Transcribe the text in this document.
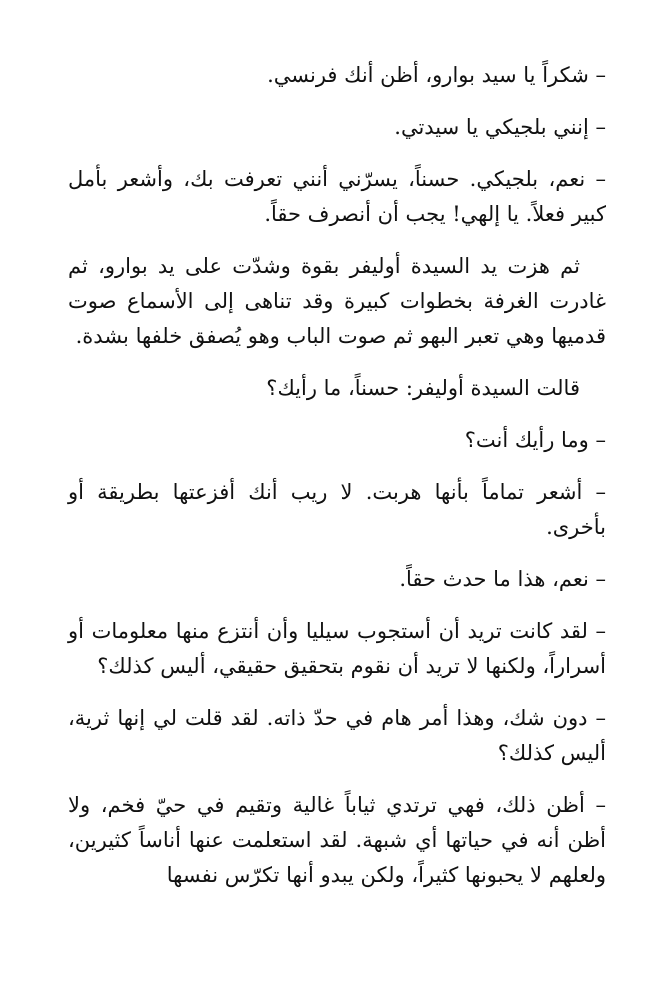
– شكراً يا سيد بوارو، أظن أنك فرنسي.

– إنني بلجيكي يا سيدتي.

– نعم، بلجيكي. حسناً، يسرّني أنني تعرفت بك، وأشعر بأمل كبير فعلاً. يا إلهي! يجب أن أنصرف حقاً.

ثم هزت يد السيدة أوليفر بقوة وشدّت على يد بوارو، ثم غادرت الغرفة بخطوات كبيرة وقد تناهى إلى الأسماع صوت قدميها وهي تعبر البهو ثم صوت الباب وهو يُصفق خلفها بشدة.

قالت السيدة أوليفر: حسناً، ما رأيك؟

– وما رأيك أنت؟

– أشعر تماماً بأنها هربت. لا ريب أنك أفزعتها بطريقة أو بأخرى.

– نعم، هذا ما حدث حقاً.

– لقد كانت تريد أن أستجوب سيليا وأن أنتزع منها معلومات أو أسراراً، ولكنها لا تريد أن نقوم بتحقيق حقيقي، أليس كذلك؟

– دون شك، وهذا أمر هام في حدّ ذاته. لقد قلت لي إنها ثرية، أليس كذلك؟

– أظن ذلك، فهي ترتدي ثياباً غالية وتقيم في حيّ فخم، ولا أظن أنه في حياتها أي شبهة. لقد استعلمت عنها أناساً كثيرين، ولعلهم لا يحبونها كثيراً، ولكن يبدو أنها تكرّس نفسها
